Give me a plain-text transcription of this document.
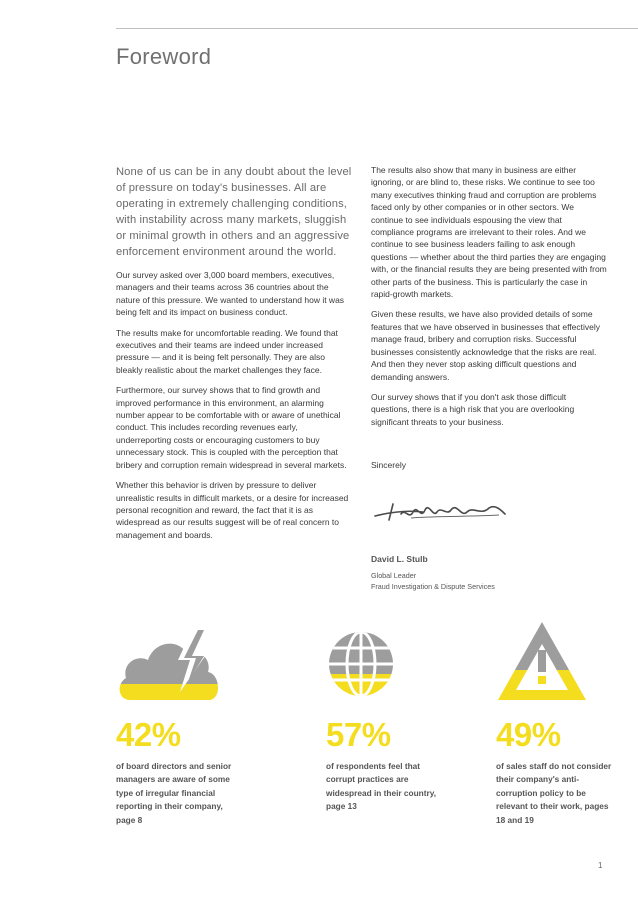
Foreword

None of us can be in any doubt about the level of pressure on today's businesses. All are operating in extremely challenging conditions, with instability across many markets, sluggish or minimal growth in others and an aggressive enforcement environment around the world.

Our survey asked over 3,000 board members, executives, managers and their teams across 36 countries about the nature of this pressure. We wanted to understand how it was being felt and its impact on business conduct.

The results make for uncomfortable reading. We found that executives and their teams are indeed under increased pressure — and it is being felt personally. They are also bleakly realistic about the market challenges they face.

Furthermore, our survey shows that to find growth and improved performance in this environment, an alarming number appear to be comfortable with or aware of unethical conduct. This includes recording revenues early, underreporting costs or encouraging customers to buy unnecessary stock. This is coupled with the perception that bribery and corruption remain widespread in several markets.

Whether this behavior is driven by pressure to deliver unrealistic results in difficult markets, or a desire for increased personal recognition and reward, the fact that it is as widespread as our results suggest will be of real concern to management and boards.

The results also show that many in business are either ignoring, or are blind to, these risks. We continue to see too many executives thinking fraud and corruption are problems faced only by other companies or in other sectors. We continue to see individuals espousing the view that compliance programs are irrelevant to their roles. And we continue to see business leaders failing to ask enough questions — whether about the third parties they are engaging with, or the financial results they are being presented with from other parts of the business. This is particularly the case in rapid-growth markets.

Given these results, we have also provided details of some features that we have observed in businesses that effectively manage fraud, bribery and corruption risks. Successful businesses consistently acknowledge that the risks are real. And then they never stop asking difficult questions and demanding answers.

Our survey shows that if you don't ask those difficult questions, there is a high risk that you are overlooking significant threats to your business.

Sincerely

David L. Stulb

Global Leader
Fraud Investigation & Dispute Services

42%

of board directors and senior managers are aware of some type of irregular financial reporting in their company, page 8

57%

of respondents feel that corrupt practices are widespread in their country, page 13

49%

of sales staff do not consider their company's anti-corruption policy to be relevant to their work, pages 18 and 19

1
